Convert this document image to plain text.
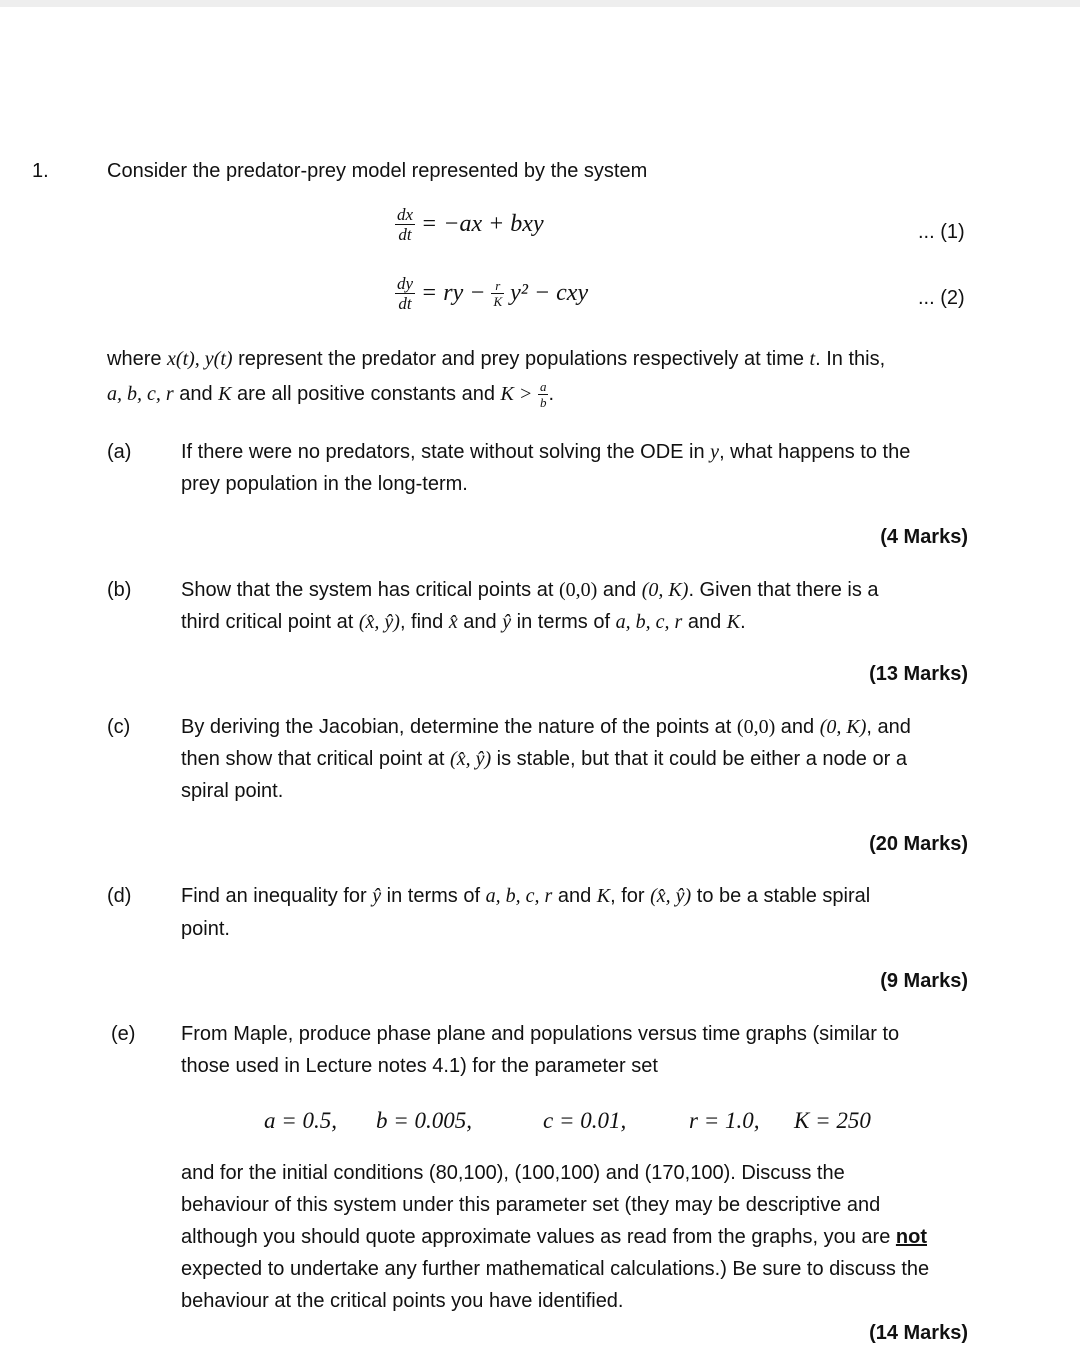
1.	Consider the predator-prey model represented by the system
$\frac{dx}{dt} = -ax$ + bxy	... (1)
$\frac{dy}{dt}$ = ry − $\frac{r}{K} y^2$ − cxy	... (2)
where x(t), y(t) represent the predator and prey populations respectively at time t. In this,
a, b, c, r and K are all positive constants and $K > \frac{a}{b}$ .
(a) If there were no predators, state without solving the ODE in y, what happens to the
prey population in the long-term.
(4 Marks)
(b) Show that the system has critical points at (0,0) and (0, K). Given that there is a
third critical point at (x̂, ŷ), find x̂ and ŷ in terms of a, b, c, r and K.
(13 Marks)
(c)	By deriving the Jacobian, determine the nature of the points at (0,0) and (0, K), and
then show that critical point at (x̂, ŷ) is stable, but that it could be either a node or a
spiral point.
(20 Marks)
(d) Find an inequality for ŷ in terms of a, b, c, r and K, for (x̂, ŷ) to be a stable spiral
point.
(9 Marks)
(e) From Maple, produce phase plane and populations versus time graphs (similar to
those used in Lecture notes 4.1) for the parameter set
a = 0.5, b = 0.005,	c = 0.01,	r = 1.0, K = 250
and for the initial conditions (80,100), (100,100) and (170,100). Discuss the
behaviour of this system under this parameter set (they may be descriptive and
although you should quote approximate values as read from the graphs, you are not
expected to undertake any further mathematical calculations.) Be sure to discuss the
behaviour at the critical points you have identified.
(14 Marks)
